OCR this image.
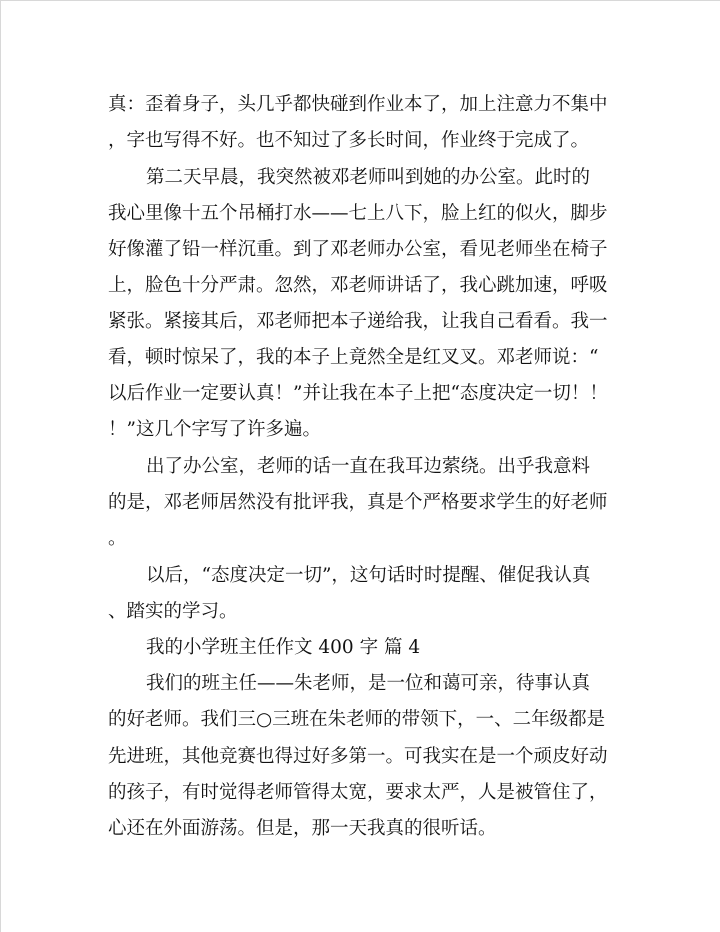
真：歪着身子，头几乎都快碰到作业本了，加上注意力不集中
，字也写得不好。也不知过了多长时间，作业终于完成了。
第二天早晨，我突然被邓老师叫到她的办公室。此时的
我心里像十五个吊桶打水——七上八下，脸上红的似火，脚步
好像灌了铅一样沉重。到了邓老师办公室，看见老师坐在椅子
上，脸色十分严肃。忽然，邓老师讲话了，我心跳加速，呼吸
紧张。紧接其后，邓老师把本子递给我，让我自己看看。我一
看，顿时惊呆了，我的本子上竟然全是红叉叉。邓老师说：“
以后作业一定要认真！”并让我在本子上把“态度决定一切！！
！”这几个字写了许多遍。
出了办公室，老师的话一直在我耳边萦绕。出乎我意料
的是，邓老师居然没有批评我，真是个严格要求学生的好老师
。
以后，“态度决定一切”，这句话时时提醒、催促我认真
、踏实的学习。
我的小学班主任作文 400 字 篇 4
我们的班主任——朱老师，是一位和蔼可亲，待事认真
的好老师。我们三○三班在朱老师的带领下，一、二年级都是
先进班，其他竞赛也得过好多第一。可我实在是一个顽皮好动
的孩子，有时觉得老师管得太宽，要求太严，人是被管住了，
心还在外面游荡。但是，那一天我真的很听话。
